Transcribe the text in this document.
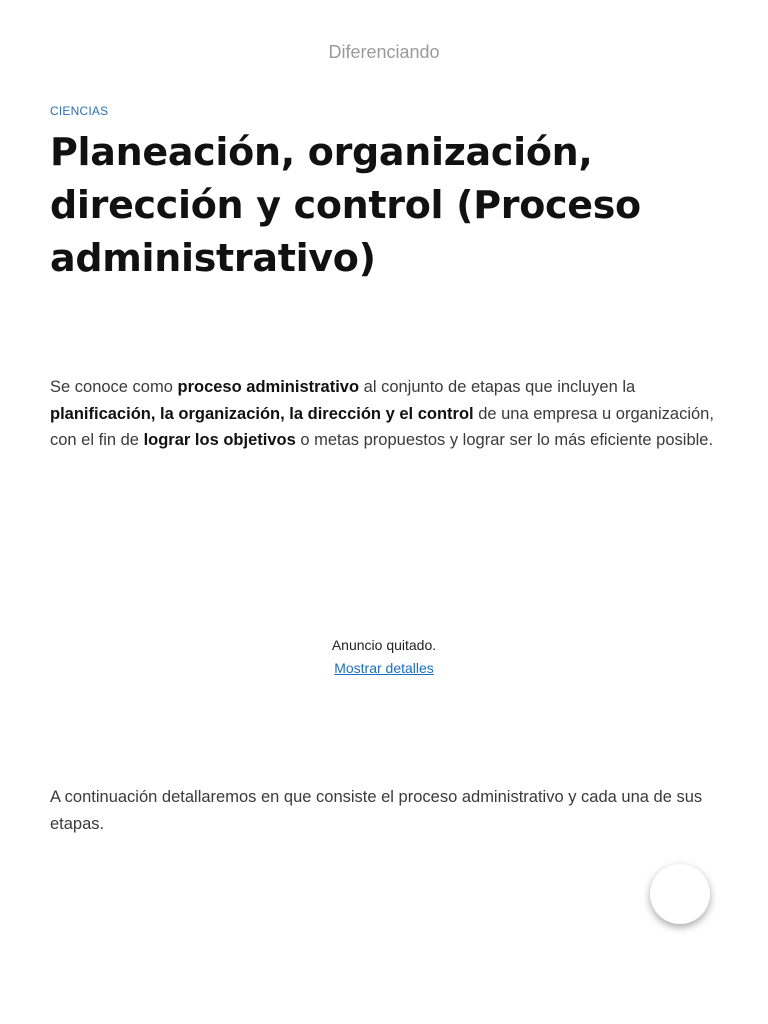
Diferenciando
CIENCIAS
Planeación, organización, dirección y control (Proceso administrativo)

Se conoce como proceso administrativo al conjunto de etapas que incluyen la planificación, la organización, la dirección y el control de una empresa u organización, con el fin de lograr los objetivos o metas propuestos y lograr ser lo más eficiente posible.

Anuncio quitado.
Mostrar detalles

A continuación detallaremos en que consiste el proceso administrativo y cada una de sus etapas.
